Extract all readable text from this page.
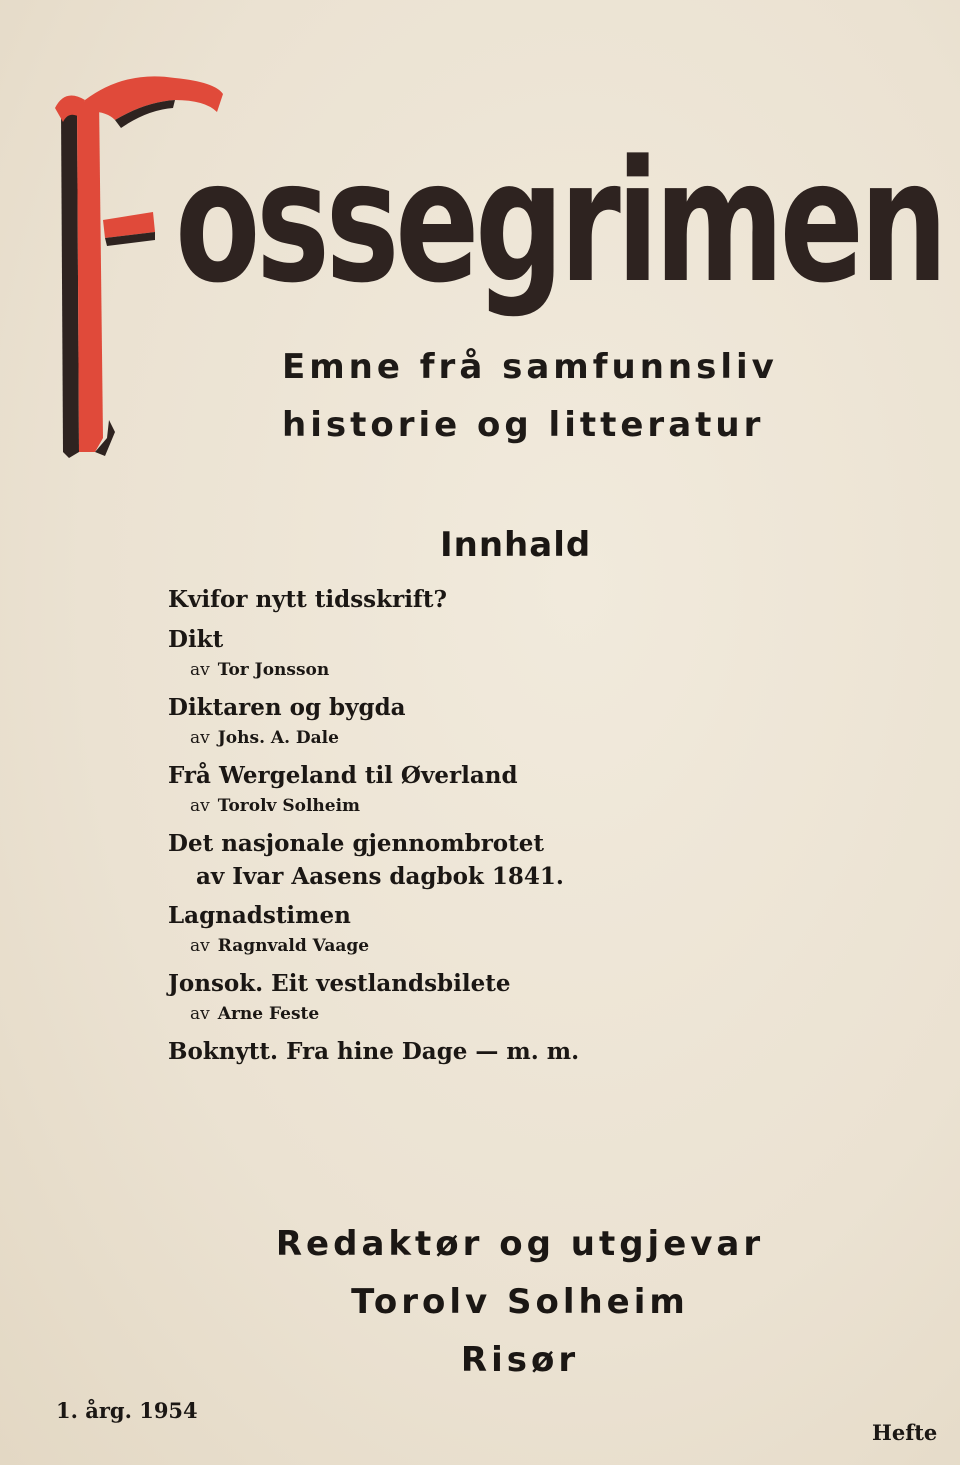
ossegrimen
Emne frå samfunnsliv
historie og litteratur
Innhald
Kvifor nytt tidsskrift?
Dikt
av Tor Jonsson
Diktaren og bygda
av Johs. A. Dale
Frå Wergeland til Øverland
av Torolv Solheim
Det nasjonale gjennombrotet
av Ivar Aasens dagbok 1841.
Lagnadstimen
av Ragnvald Vaage
Jonsok. Eit vestlandsbilete
av Arne Feste
Boknytt. Fra hine Dage — m. m.
Redaktør og utgjevar
Torolv Solheim
Risør
1. årg. 1954
Hefte
